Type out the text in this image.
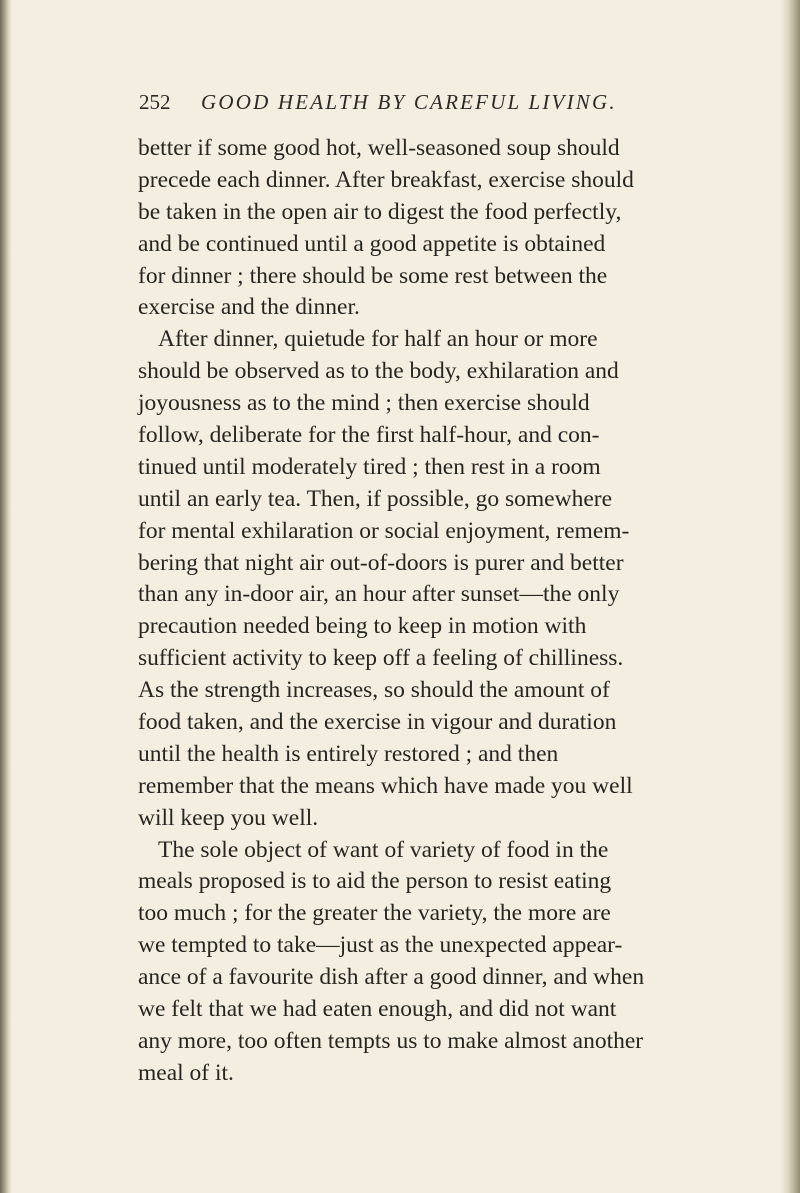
252 GOOD HEALTH BY CAREFUL LIVING.
better if some good hot, well-seasoned soup should
precede each dinner. After breakfast, exercise should
be taken in the open air to digest the food perfectly,
and be continued until a good appetite is obtained
for dinner ; there should be some rest between the
exercise and the dinner.
After dinner, quietude for half an hour or more
should be observed as to the body, exhilaration and
joyousness as to the mind ; then exercise should
follow, deliberate for the first half-hour, and con-
tinued until moderately tired ; then rest in a room
until an early tea. Then, if possible, go somewhere
for mental exhilaration or social enjoyment, remem-
bering that night air out-of-doors is purer and better
than any in-door air, an hour after sunset—the only
precaution needed being to keep in motion with
sufficient activity to keep off a feeling of chilliness.
As the strength increases, so should the amount of
food taken, and the exercise in vigour and duration
until the health is entirely restored ; and then
remember that the means which have made you well
will keep you well.
The sole object of want of variety of food in the
meals proposed is to aid the person to resist eating
too much ; for the greater the variety, the more are
we tempted to take—just as the unexpected appear-
ance of a favourite dish after a good dinner, and when
we felt that we had eaten enough, and did not want
any more, too often tempts us to make almost another
meal of it.
